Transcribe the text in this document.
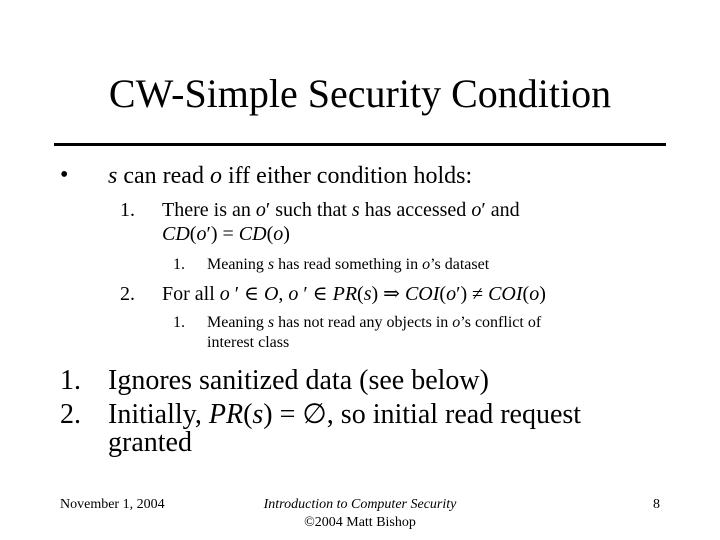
CW-Simple Security Condition
• s can read o iff either condition holds:
1. There is an o′ such that s has accessed o′ and
CD(o′) = CD(o)
1. Meaning s has read something in o’s dataset
2. For all o ′ ∈ O, o ′ ∈ PR(s) ⇒ COI(o′) ≠ COI(o)
1. Meaning s has not read any objects in o’s conflict of
interest class
1. Ignores sanitized data (see below)
2. Initially, PR(s) = ∅, so initial read request
granted
November 1, 2004	Introduction to Computer Security
©2004 Matt Bishop
8
